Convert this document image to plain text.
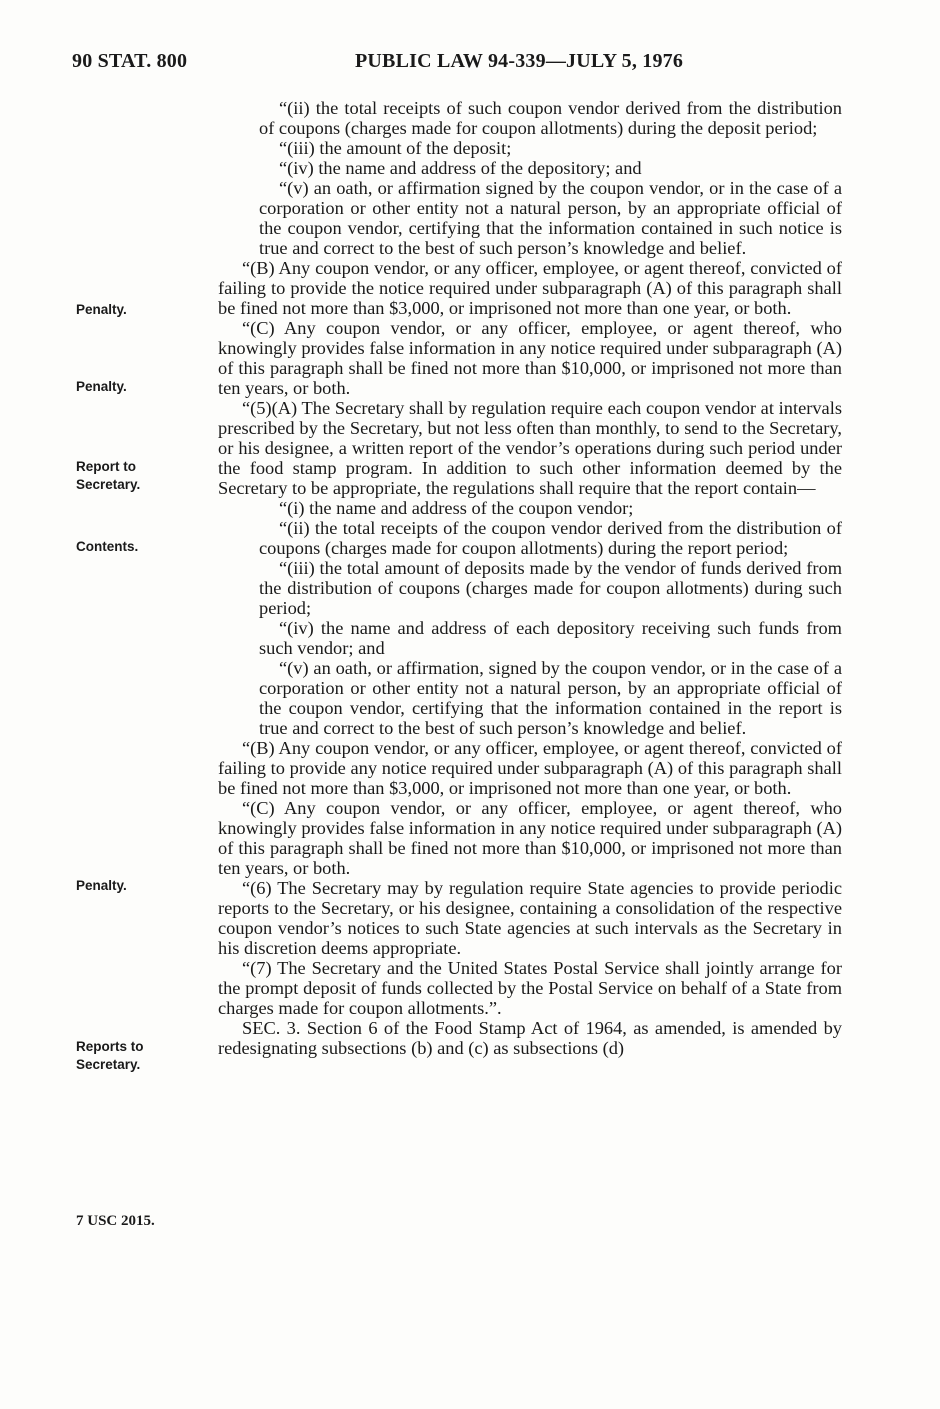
90 STAT. 800	PUBLIC LAW 94-339—JULY 5, 1976
Penalty.
Penalty.
Report to
Secretary.
Contents.
Penalty.
Reports to
Secretary.
7 USC 2015.

“(ii) the total receipts of such coupon vendor derived from the distribution of coupons (charges made for coupon allotments) during the deposit period;

“(iii) the amount of the deposit;

“(iv) the name and address of the depository; and

“(v) an oath, or affirmation signed by the coupon vendor, or in the case of a corporation or other entity not a natural person, by an appropriate official of the coupon vendor, certifying that the information contained in such notice is true and correct to the best of such person’s knowledge and belief.

“(B) Any coupon vendor, or any officer, employee, or agent thereof, convicted of failing to provide the notice required under subparagraph (A) of this paragraph shall be fined not more than $3,000, or imprisoned not more than one year, or both.

“(C) Any coupon vendor, or any officer, employee, or agent thereof, who knowingly provides false information in any notice required under subparagraph (A) of this paragraph shall be fined not more than $10,000, or imprisoned not more than ten years, or both.

“(5)(A) The Secretary shall by regulation require each coupon vendor at intervals prescribed by the Secretary, but not less often than monthly, to send to the Secretary, or his designee, a written report of the vendor’s operations during such period under the food stamp program. In addition to such other information deemed by the Secretary to be appropriate, the regulations shall require that the report contain—

“(i) the name and address of the coupon vendor;

“(ii) the total receipts of the coupon vendor derived from the distribution of coupons (charges made for coupon allotments) during the report period;

“(iii) the total amount of deposits made by the vendor of funds derived from the distribution of coupons (charges made for coupon allotments) during such period;

“(iv) the name and address of each depository receiving such funds from such vendor; and

“(v) an oath, or affirmation, signed by the coupon vendor, or in the case of a corporation or other entity not a natural person, by an appropriate official of the coupon vendor, certifying that the information contained in the report is true and correct to the best of such person’s knowledge and belief.

“(B) Any coupon vendor, or any officer, employee, or agent thereof, convicted of failing to provide any notice required under subparagraph (A) of this paragraph shall be fined not more than $3,000, or imprisoned not more than one year, or both.

“(C) Any coupon vendor, or any officer, employee, or agent thereof, who knowingly provides false information in any notice required under subparagraph (A) of this paragraph shall be fined not more than $10,000, or imprisoned not more than ten years, or both.

“(6) The Secretary may by regulation require State agencies to provide periodic reports to the Secretary, or his designee, containing a consolidation of the respective coupon vendor’s notices to such State agencies at such intervals as the Secretary in his discretion deems appropriate.

“(7) The Secretary and the United States Postal Service shall jointly arrange for the prompt deposit of funds collected by the Postal Service on behalf of a State from charges made for coupon allotments.”.

SEC. 3. Section 6 of the Food Stamp Act of 1964, as amended, is amended by redesignating subsections (b) and (c) as subsections (d)
